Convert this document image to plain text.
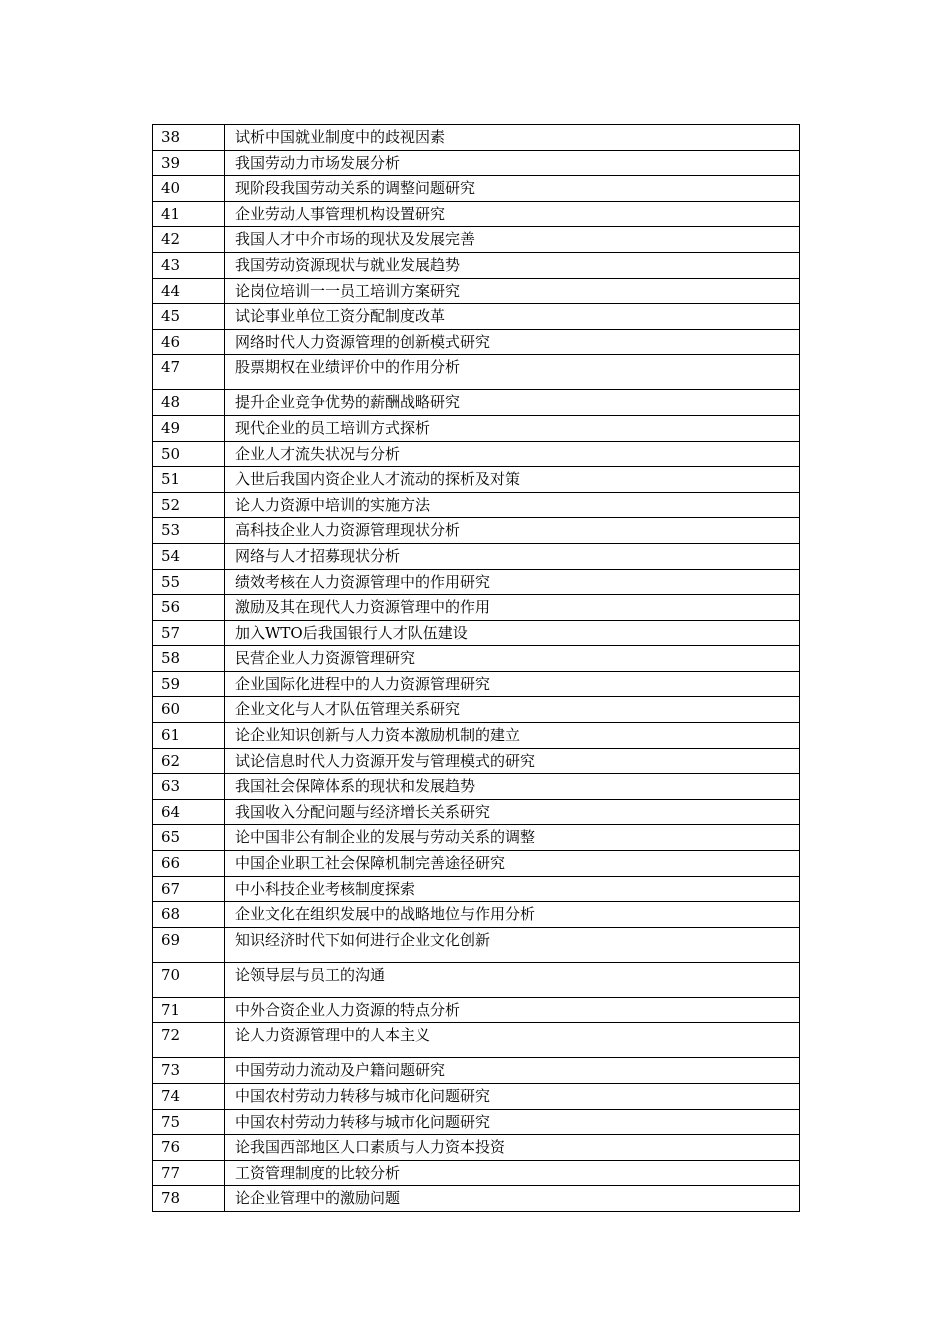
38	试析中国就业制度中的歧视因素
39	我国劳动力市场发展分析
40	现阶段我国劳动关系的调整问题研究
41	企业劳动人事管理机构设置研究
42	我国人才中介市场的现状及发展完善
43	我国劳动资源现状与就业发展趋势
44	论岗位培训一一员工培训方案研究
45	试论事业单位工资分配制度改革
46	网络时代人力资源管理的创新模式研究
47	股票期权在业绩评价中的作用分析
48	提升企业竞争优势的薪酬战略研究
49	现代企业的员工培训方式探析
50	企业人才流失状况与分析
51	入世后我国内资企业人才流动的探析及对策
52	论人力资源中培训的实施方法
53	高科技企业人力资源管理现状分析
54	网络与人才招募现状分析
55	绩效考核在人力资源管理中的作用研究
56	激励及其在现代人力资源管理中的作用
57	加入WTO后我国银行人才队伍建设
58	民营企业人力资源管理研究
59	企业国际化进程中的人力资源管理研究
60	企业文化与人才队伍管理关系研究
61	论企业知识创新与人力资本激励机制的建立
62	试论信息时代人力资源开发与管理模式的研究
63	我国社会保障体系的现状和发展趋势
64	我国收入分配问题与经济增长关系研究
65	论中国非公有制企业的发展与劳动关系的调整
66	中国企业职工社会保障机制完善途径研究
67	中小科技企业考核制度探索
68	企业文化在组织发展中的战略地位与作用分析
69	知识经济时代下如何进行企业文化创新
70	论领导层与员工的沟通
71	中外合资企业人力资源的特点分析
72	论人力资源管理中的人本主义
73	中国劳动力流动及户籍问题研究
74	中国农村劳动力转移与城市化问题研究
75	中国农村劳动力转移与城市化问题研究
76	论我国西部地区人口素质与人力资本投资
77	工资管理制度的比较分析
78	论企业管理中的激励问题
